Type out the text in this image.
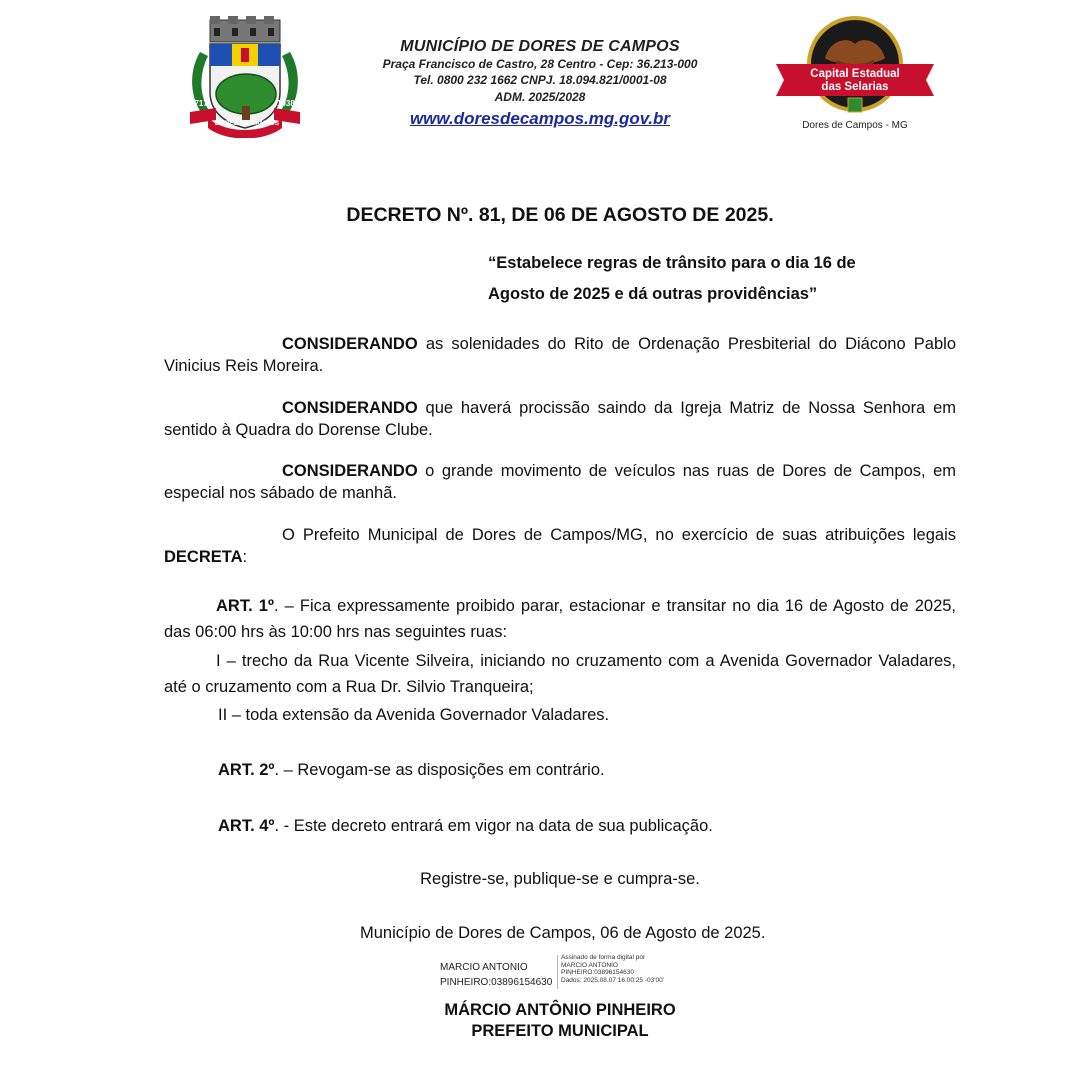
1717	1938
DORES DE CAMPOS
MUNICÍPIO DE DORES DE CAMPOS
Praça Francisco de Castro, 28 Centro - Cep: 36.213-000
Tel. 0800 232 1662 CNPJ. 18.094.821/0001-08
ADM. 2025/2028
www.doresdecampos.mg.gov.br
Capital Estadual
das Selarias
Dores de Campos - MG
DECRETO Nº. 81, DE 06 DE AGOSTO DE 2025.
“Estabelece regras de trânsito para o dia 16 de
Agosto de 2025 e dá outras providências”
CONSIDERANDO as solenidades do Rito de Ordenação Presbiterial do Diácono Pablo Vinicius Reis Moreira.
CONSIDERANDO que haverá procissão saindo da Igreja Matriz de Nossa Senhora em sentido à Quadra do Dorense Clube.
CONSIDERANDO o grande movimento de veículos nas ruas de Dores de Campos, em especial nos sábado de manhã.
O Prefeito Municipal de Dores de Campos/MG, no exercício de suas atribuições legais DECRETA:
ART. 1º. – Fica expressamente proibido parar, estacionar e transitar no dia 16 de Agosto de 2025, das 06:00 hrs às 10:00 hrs nas seguintes ruas:
I – trecho da Rua Vicente Silveira, iniciando no cruzamento com a Avenida Governador Valadares, até o cruzamento com a Rua Dr. Silvio Tranqueira;
II – toda extensão da Avenida Governador Valadares.
ART. 2º. – Revogam-se as disposições em contrário.
ART. 4º. - Este decreto entrará em vigor na data de sua publicação.
Registre-se, publique-se e cumpra-se.
Município de Dores de Campos, 06 de Agosto de 2025.
MARCIO ANTONIO
PINHEIRO:03896154630
Assinado de forma digital por
MARCIO ANTONIO
PINHEIRO:03896154630
Dados: 2025.08.07 16:00:25 -03'00'
MÁRCIO ANTÔNIO PINHEIRO
PREFEITO MUNICIPAL
